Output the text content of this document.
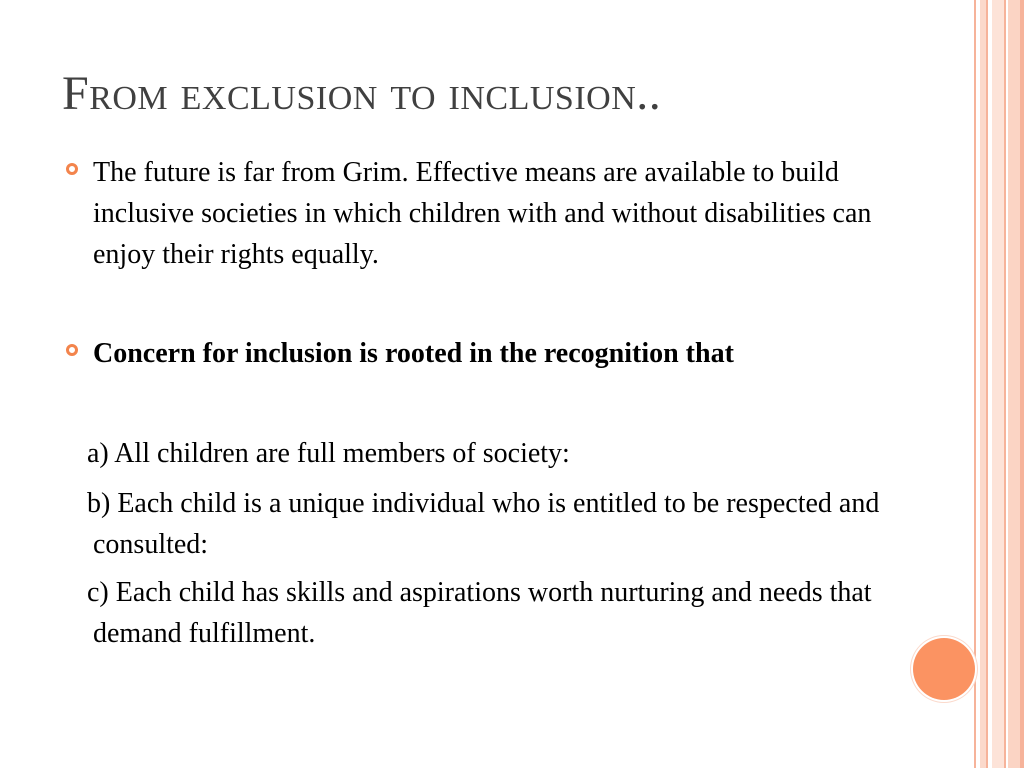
From exclusion to inclusion..
The future is far from Grim. Effective means are available to build inclusive societies in which children with and without disabilities can enjoy their rights equally.
Concern for inclusion is rooted in the recognition that
a) All children are full members of society:
b) Each child is a unique individual who is entitled to be respected and consulted:
c) Each child has skills and aspirations worth nurturing and needs that demand fulfillment.
